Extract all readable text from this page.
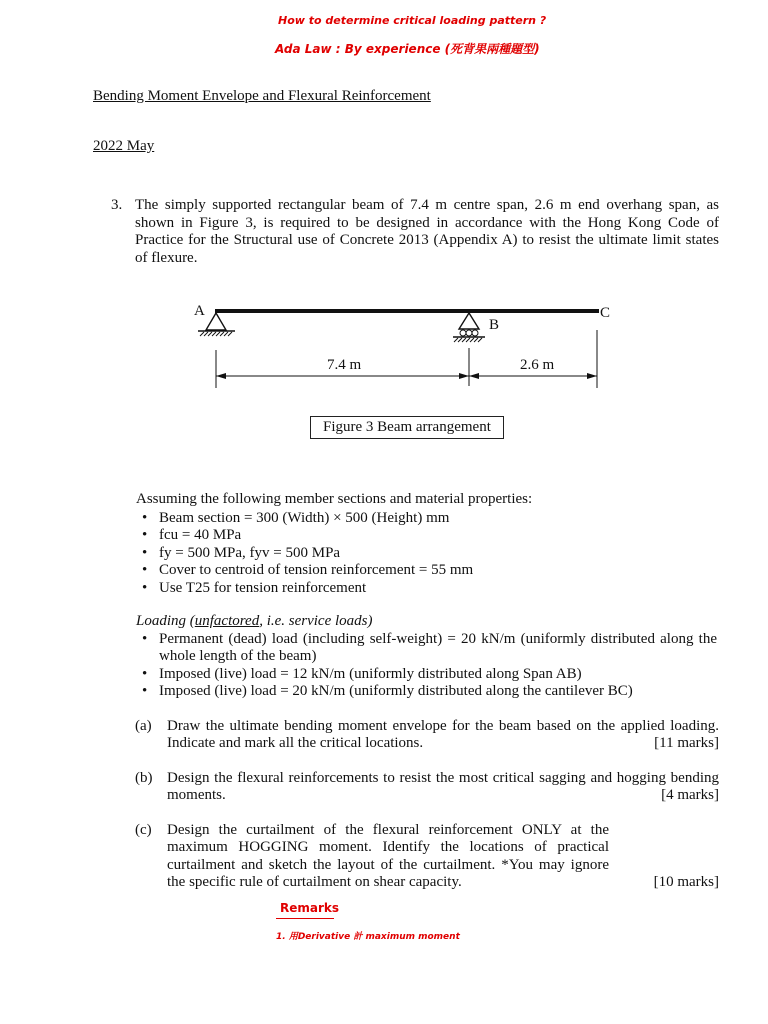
How to determine critical loading pattern ?
Ada Law : By experience (死背果兩種題型)
Bending Moment Envelope and Flexural Reinforcement
2022 May
3. The simply supported rectangular beam of 7.4 m centre span, 2.6 m end overhang span, as shown in Figure 3, is required to be designed in accordance with the Hong Kong Code of Practice for the Structural use of Concrete 2013 (Appendix A) to resist the ultimate limit states of flexure.
A
B
C
7.4 m	2.6 m
Figure 3 Beam arrangement
Assuming the following member sections and material properties:
• Beam section = 300 (Width) × 500 (Height) mm
• fcu = 40 MPa
• fy = 500 MPa, fyv = 500 MPa
• Cover to centroid of tension reinforcement = 55 mm
• Use T25 for tension reinforcement
Loading (unfactored, i.e. service loads)
• Permanent (dead) load (including self-weight) = 20 kN/m (uniformly distributed along the whole length of the beam)
• Imposed (live) load = 12 kN/m (uniformly distributed along Span AB)
• Imposed (live) load = 20 kN/m (uniformly distributed along the cantilever BC)
(a) Draw the ultimate bending moment envelope for the beam based on the applied loading. Indicate and mark all the critical locations.	[11 marks]
(b) Design the flexural reinforcements to resist the most critical sagging and hogging bending moments.	[4 marks]
(c) Design the curtailment of the flexural reinforcement ONLY at the maximum HOGGING moment. Identify the locations of practical curtailment and sketch the layout of the curtailment. *You may ignore the specific rule of curtailment on shear capacity.	[10 marks]
Remarks
1. 用Derivative 計 maximum moment
